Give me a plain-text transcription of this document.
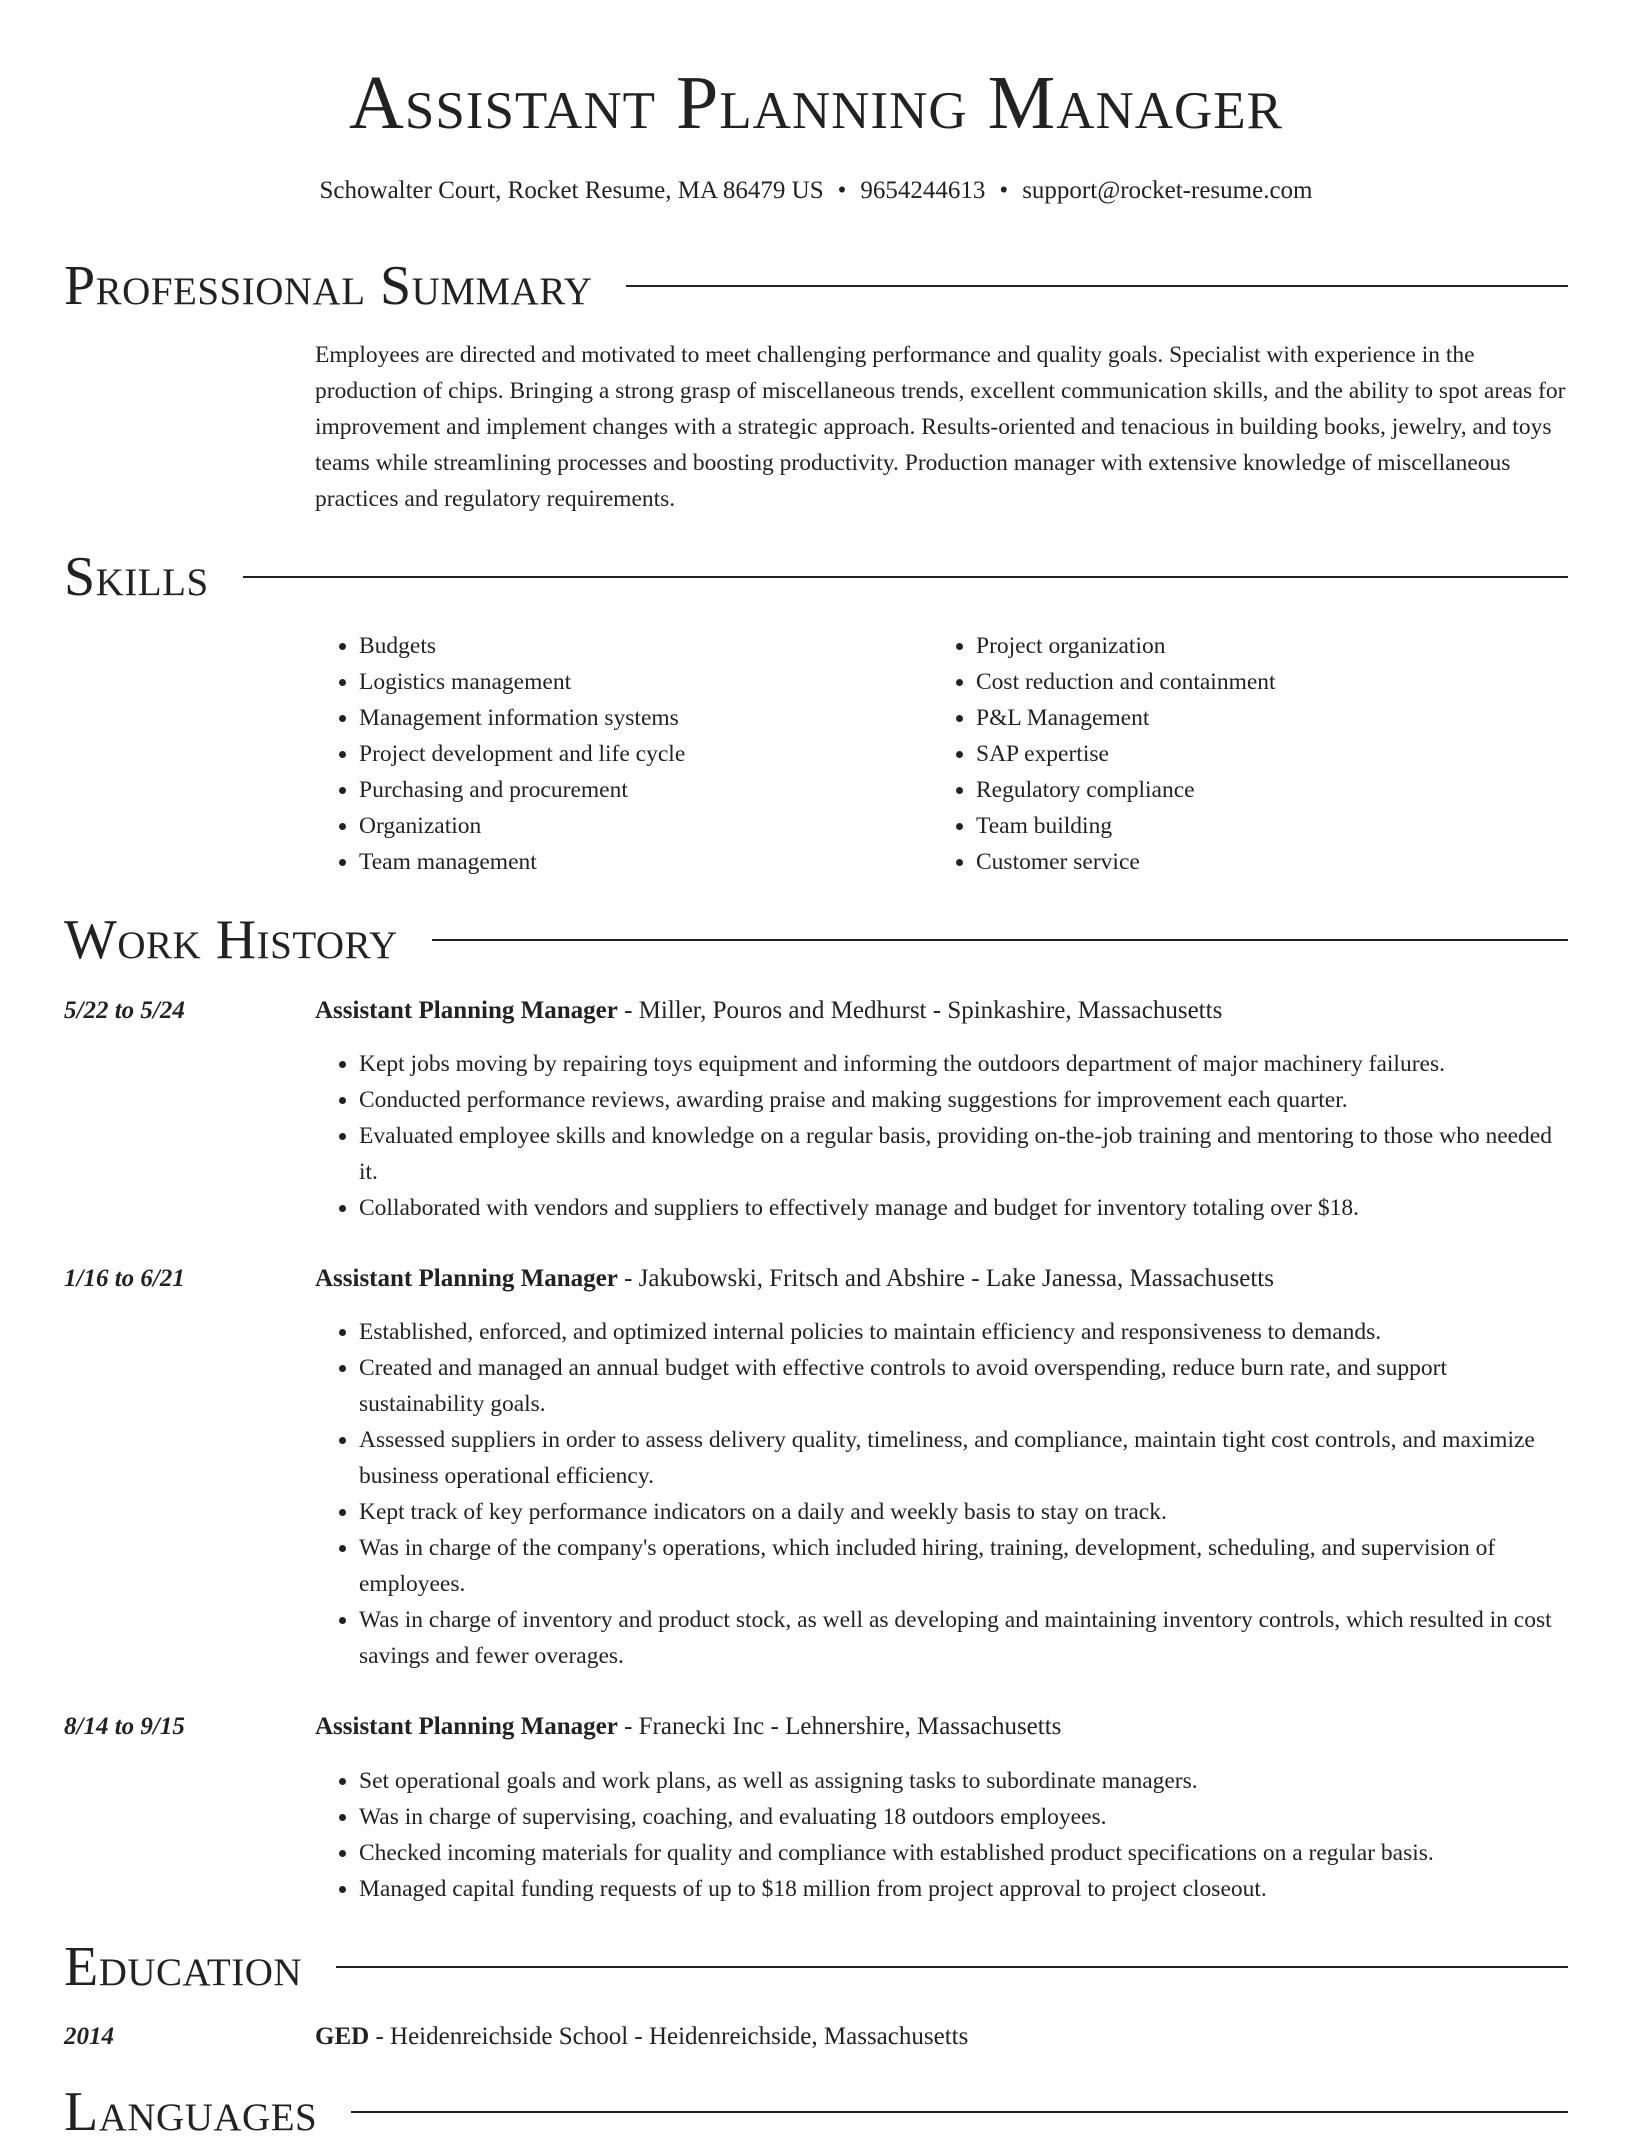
Assistant Planning Manager
Schowalter Court, Rocket Resume, MA 86479 US • 9654244613 • support@rocket-resume.com
Professional Summary
Employees are directed and motivated to meet challenging performance and quality goals. Specialist with experience in the production of chips. Bringing a strong grasp of miscellaneous trends, excellent communication skills, and the ability to spot areas for improvement and implement changes with a strategic approach. Results-oriented and tenacious in building books, jewelry, and toys teams while streamlining processes and boosting productivity. Production manager with extensive knowledge of miscellaneous practices and regulatory requirements.
Skills
• Budgets
• Logistics management
• Management information systems
• Project development and life cycle
• Purchasing and procurement
• Organization
• Team management
• Project organization
• Cost reduction and containment
• P&L Management
• SAP expertise
• Regulatory compliance
• Team building
• Customer service
Work History
5/22 to 5/24	Assistant Planning Manager - Miller, Pouros and Medhurst - Spinkashire, Massachusetts
• Kept jobs moving by repairing toys equipment and informing the outdoors department of major machinery failures.
• Conducted performance reviews, awarding praise and making suggestions for improvement each quarter.
• Evaluated employee skills and knowledge on a regular basis, providing on-the-job training and mentoring to those who needed it.
• Collaborated with vendors and suppliers to effectively manage and budget for inventory totaling over $18.
1/16 to 6/21	Assistant Planning Manager - Jakubowski, Fritsch and Abshire - Lake Janessa, Massachusetts
• Established, enforced, and optimized internal policies to maintain efficiency and responsiveness to demands.
• Created and managed an annual budget with effective controls to avoid overspending, reduce burn rate, and support sustainability goals.
• Assessed suppliers in order to assess delivery quality, timeliness, and compliance, maintain tight cost controls, and maximize business operational efficiency.
• Kept track of key performance indicators on a daily and weekly basis to stay on track.
• Was in charge of the company's operations, which included hiring, training, development, scheduling, and supervision of employees.
• Was in charge of inventory and product stock, as well as developing and maintaining inventory controls, which resulted in cost savings and fewer overages.
8/14 to 9/15	Assistant Planning Manager - Franecki Inc - Lehnershire, Massachusetts
• Set operational goals and work plans, as well as assigning tasks to subordinate managers.
• Was in charge of supervising, coaching, and evaluating 18 outdoors employees.
• Checked incoming materials for quality and compliance with established product specifications on a regular basis.
• Managed capital funding requests of up to $18 million from project approval to project closeout.
Education
2014	GED - Heidenreichside School - Heidenreichside, Massachusetts
Languages
